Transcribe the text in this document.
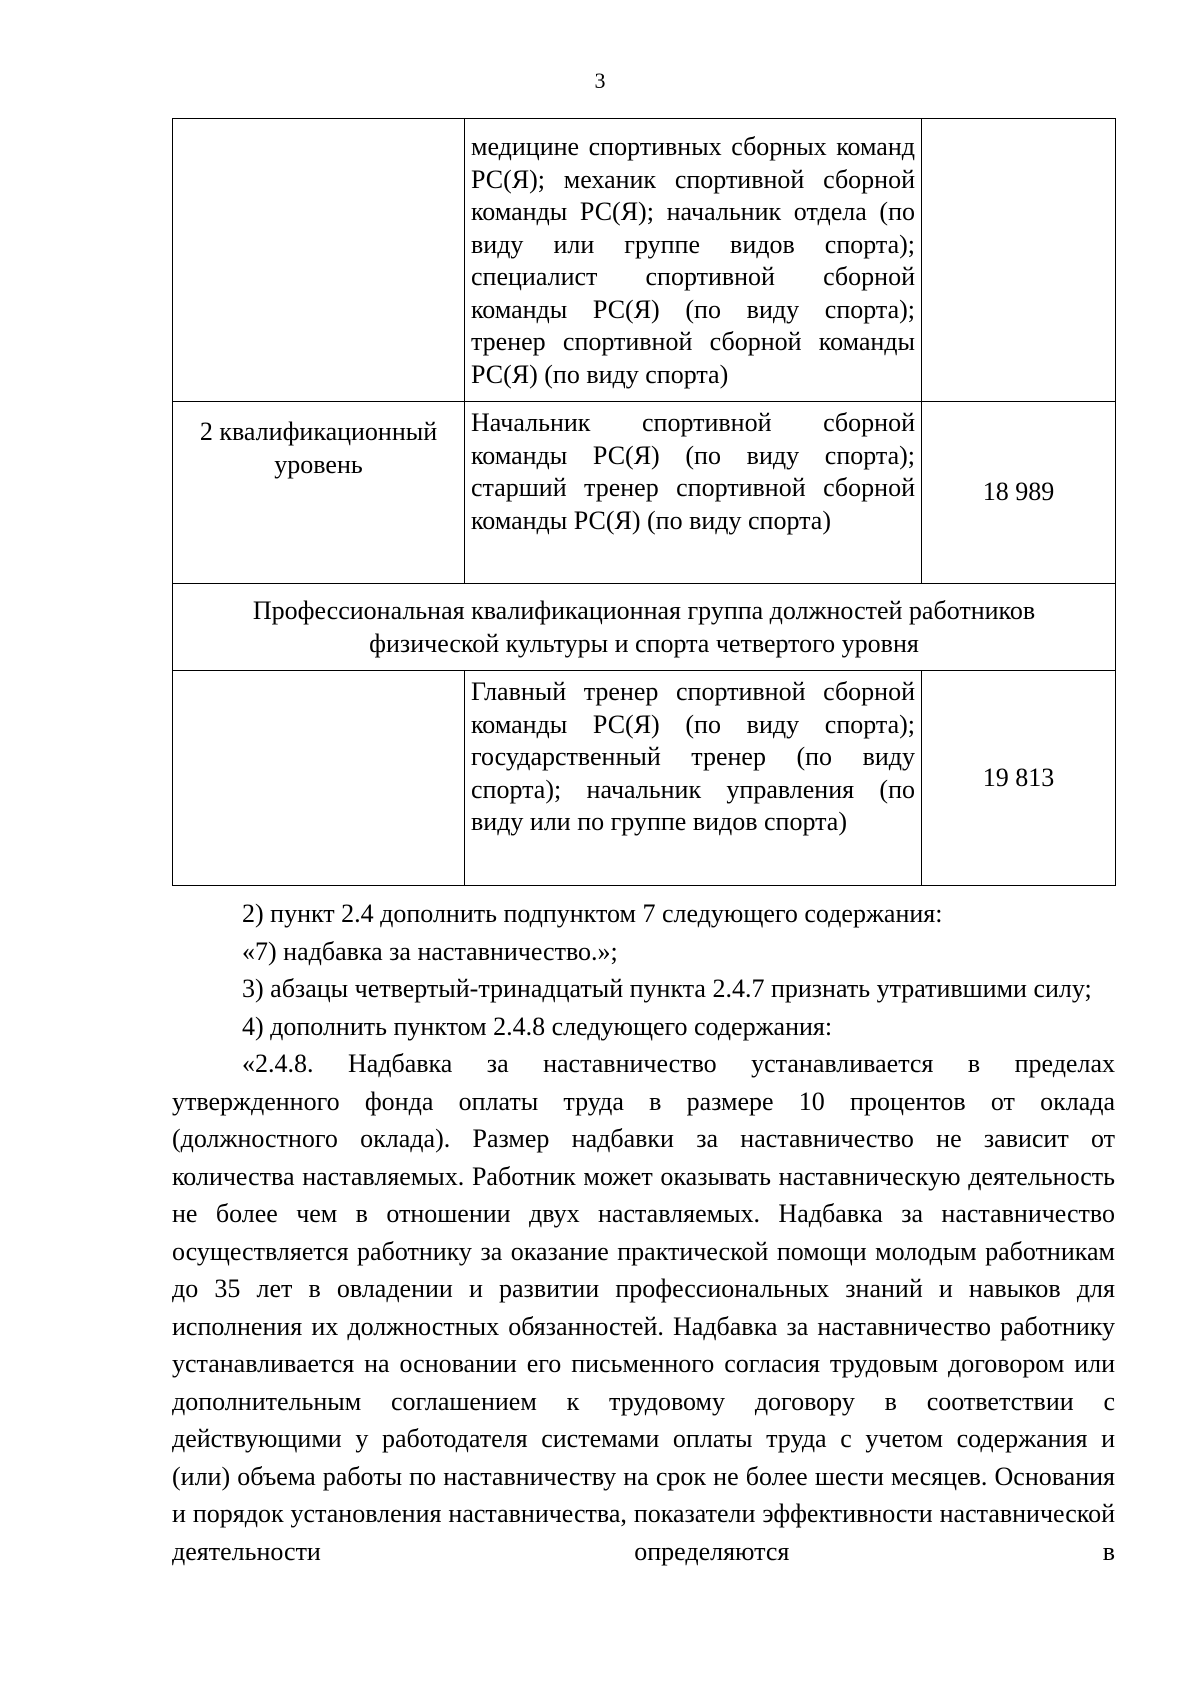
3
	медицине спортивных сборных команд РС(Я); механик спортивной сборной команды РС(Я); начальник отдела (по виду или группе видов спорта); специалист спортивной сборной команды РС(Я) (по виду спорта); тренер спортивной сборной команды РС(Я) (по виду спорта)	
2 квалификационный уровень	Начальник спортивной сборной команды РС(Я) (по виду спорта); старший тренер спортивной сборной команды РС(Я) (по виду спорта)	18 989
Профессиональная квалификационная группа должностей работников физической культуры и спорта четвертого уровня		
	Главный тренер спортивной сборной команды РС(Я) (по виду спорта); государственный тренер (по виду спорта); начальник управления (по виду или по группе видов спорта)	19 813

2) пункт 2.4 дополнить подпунктом 7 следующего содержания:

«7) надбавка за наставничество.»;

3) абзацы четвертый-тринадцатый пункта 2.4.7 признать утратившими силу;

4) дополнить пунктом 2.4.8 следующего содержания:

«2.4.8. Надбавка за наставничество устанавливается в пределах утвержденного фонда оплаты труда в размере 10 процентов от оклада (должностного оклада). Размер надбавки за наставничество не зависит от количества наставляемых. Работник может оказывать наставническую деятельность не более чем в отношении двух наставляемых. Надбавка за наставничество осуществляется работнику за оказание практической помощи молодым работникам до 35 лет в овладении и развитии профессиональных знаний и навыков для исполнения их должностных обязанностей. Надбавка за наставничество работнику устанавливается на основании его письменного согласия трудовым договором или дополнительным соглашением к трудовому договору в соответствии с действующими у работодателя системами оплаты труда с учетом содержания и (или) объема работы по наставничеству на срок не более шести месяцев. Основания и порядок установления наставничества, показатели эффективности наставнической деятельности определяются в
